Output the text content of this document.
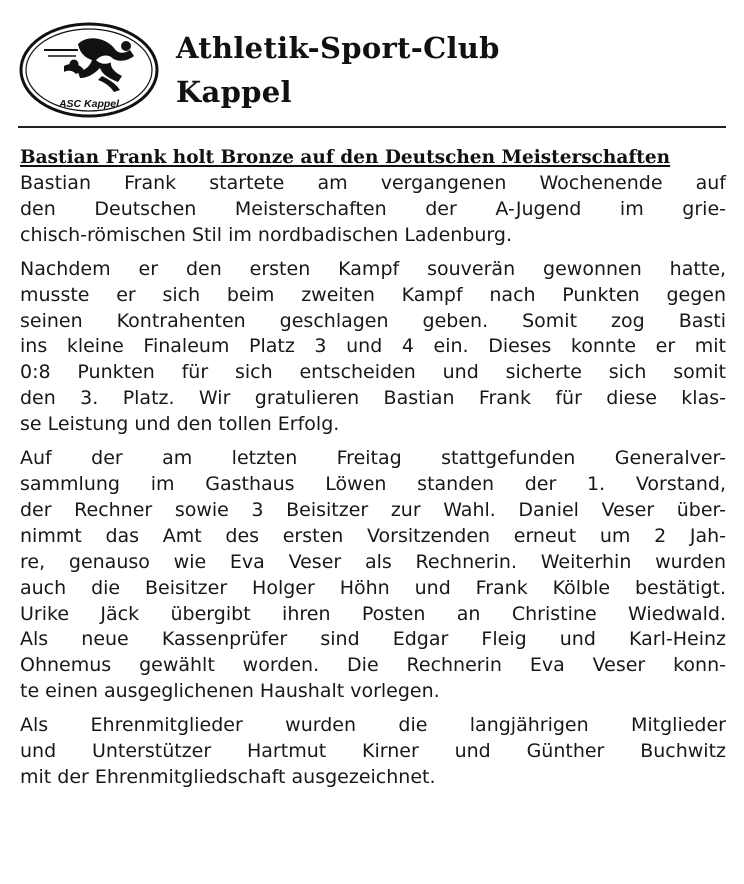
ASC Kappel
Athletik-Sport-Club
Kappel
Bastian Frank holt Bronze auf den Deutschen Meisterschaften
Bastian Frank startete am vergangenen Wochenende auf
den Deutschen Meisterschaften der A-Jugend im grie-
chisch-römischen Stil im nordbadischen Ladenburg.
Nachdem er den ersten Kampf souverän gewonnen hatte,
musste er sich beim zweiten Kampf nach Punkten gegen
seinen Kontrahenten geschlagen geben. Somit zog Basti
ins kleine Finaleum Platz 3 und 4 ein. Dieses konnte er mit
0:8 Punkten für sich entscheiden und sicherte sich somit
den 3. Platz. Wir gratulieren Bastian Frank für diese klas-
se Leistung und den tollen Erfolg.
Auf der am letzten Freitag stattgefunden Generalver-
sammlung im Gasthaus Löwen standen der 1. Vorstand,
der Rechner sowie 3 Beisitzer zur Wahl. Daniel Veser über-
nimmt das Amt des ersten Vorsitzenden erneut um 2 Jah-
re, genauso wie Eva Veser als Rechnerin. Weiterhin wurden
auch die Beisitzer Holger Höhn und Frank Kölble bestätigt.
Urike Jäck übergibt ihren Posten an Christine Wiedwald.
Als neue Kassenprüfer sind Edgar Fleig und Karl-Heinz
Ohnemus gewählt worden. Die Rechnerin Eva Veser konn-
te einen ausgeglichenen Haushalt vorlegen.
Als Ehrenmitglieder wurden die langjährigen Mitglieder
und Unterstützer Hartmut Kirner und Günther Buchwitz
mit der Ehrenmitgliedschaft ausgezeichnet.
